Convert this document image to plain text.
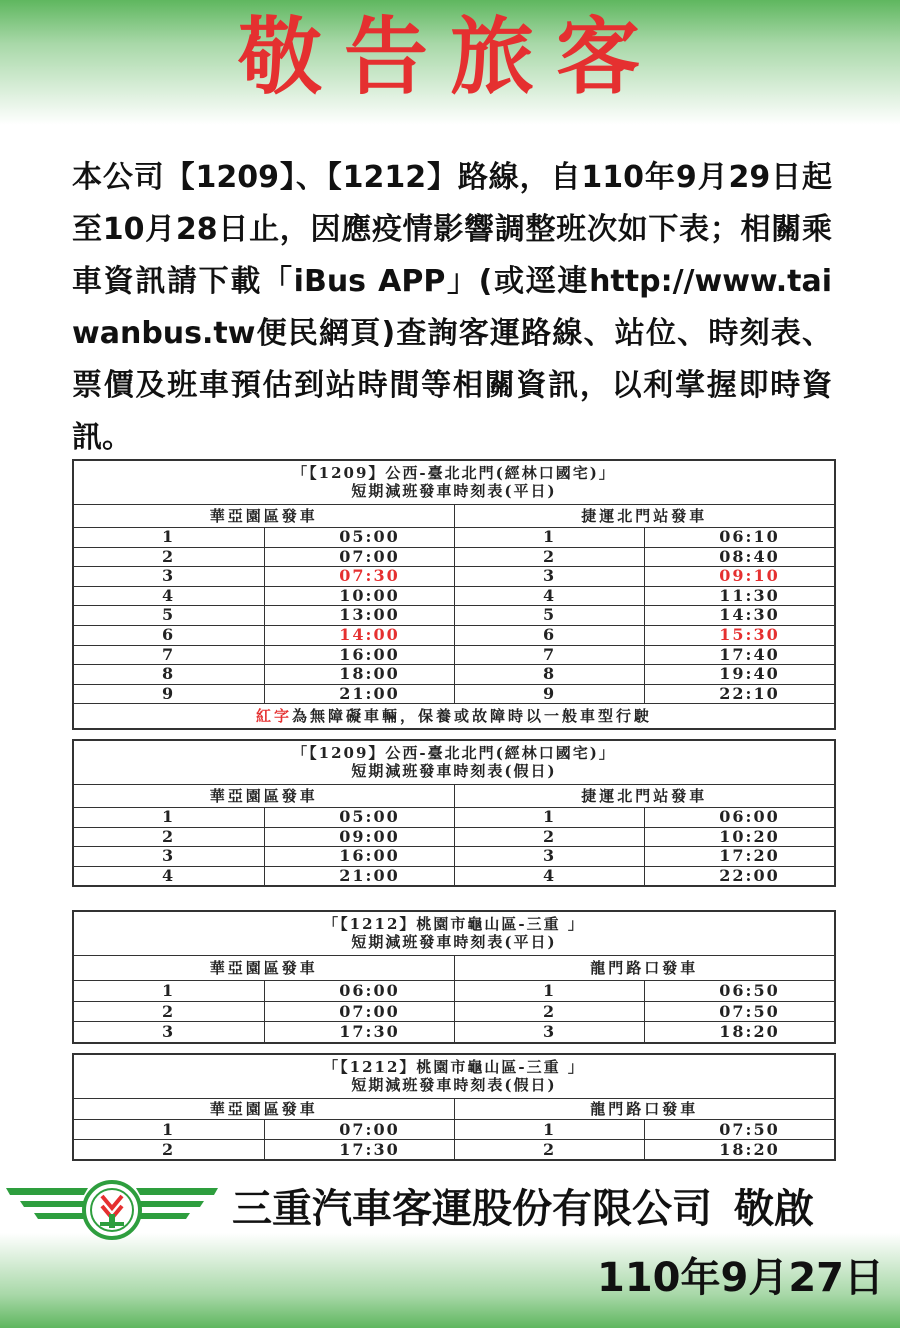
敬告旅客
本公司【1209】、【1212】路線，自110年9月29日起至10月28日止，因應疫情影響調整班次如下表；相關乘車資訊請下載「iBus APP」(或逕連http://www.taiwanbus.tw便民網頁)查詢客運路線、站位、時刻表、票價及班車預估到站時間等相關資訊，以利掌握即時資訊。
「【1209】公西-臺北北門(經林口國宅)」
短期減班發車時刻表(平日)
華亞園區發車	捷運北門站發車
1	05:00	1	06:10
2	07:00	2	08:40
3	07:30	3	09:10
4	10:00	4	11:30
5	13:00	5	14:30
6	14:00	6	15:30
7	16:00	7	17:40
8	18:00	8	19:40
9	21:00	9	22:10
紅字為無障礙車輛，保養或故障時以一般車型行駛
「【1209】公西-臺北北門(經林口國宅)」
短期減班發車時刻表(假日)
華亞園區發車	捷運北門站發車
1	05:00	1	06:00
2	09:00	2	10:20
3	16:00	3	17:20
4	21:00	4	22:00
「【1212】桃園市龜山區-三重 」
短期減班發車時刻表(平日)
華亞園區發車	龍門路口發車
1	06:00	1	06:50
2	07:00	2	07:50
3	17:30	3	18:20
「【1212】桃園市龜山區-三重 」
短期減班發車時刻表(假日)
華亞園區發車	龍門路口發車
1	07:00	1	07:50
2	17:30	2	18:20
三重汽車客運股份有限公司 敬啟
110年9月27日
